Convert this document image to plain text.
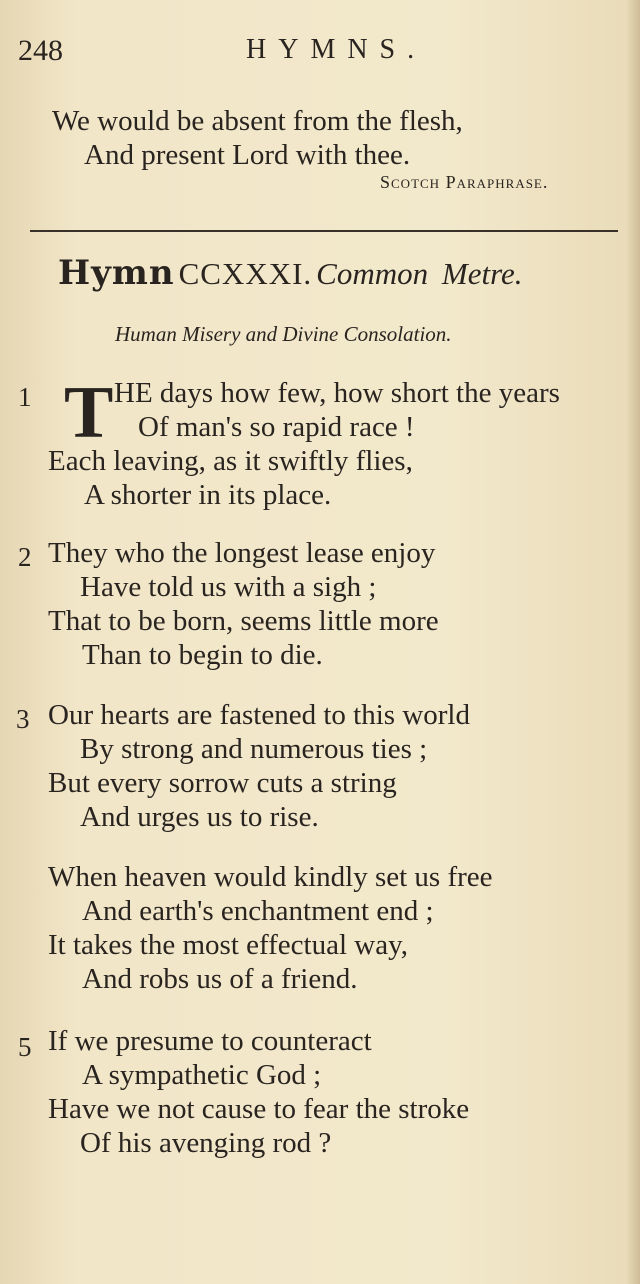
248	HYMNS.
We would be absent from the flesh,
And present Lord with thee.
Scotch Paraphrase.
Hymn CCXXXI. Common Metre.
Human Misery and Divine Consolation.
1 T HE days how few, how short the years
Of man's so rapid race !
Each leaving, as it swiftly flies,
A shorter in its place.
2 They who the longest lease enjoy
Have told us with a sigh ;
That to be born, seems little more
Than to begin to die.
3 Our hearts are fastened to this world
By strong and numerous ties ;
But every sorrow cuts a string
And urges us to rise.
When heaven would kindly set us free
And earth's enchantment end ;
It takes the most effectual way,
And robs us of a friend.
5 If we presume to counteract
A sympathetic God ;
Have we not cause to fear the stroke
Of his avenging rod ?
